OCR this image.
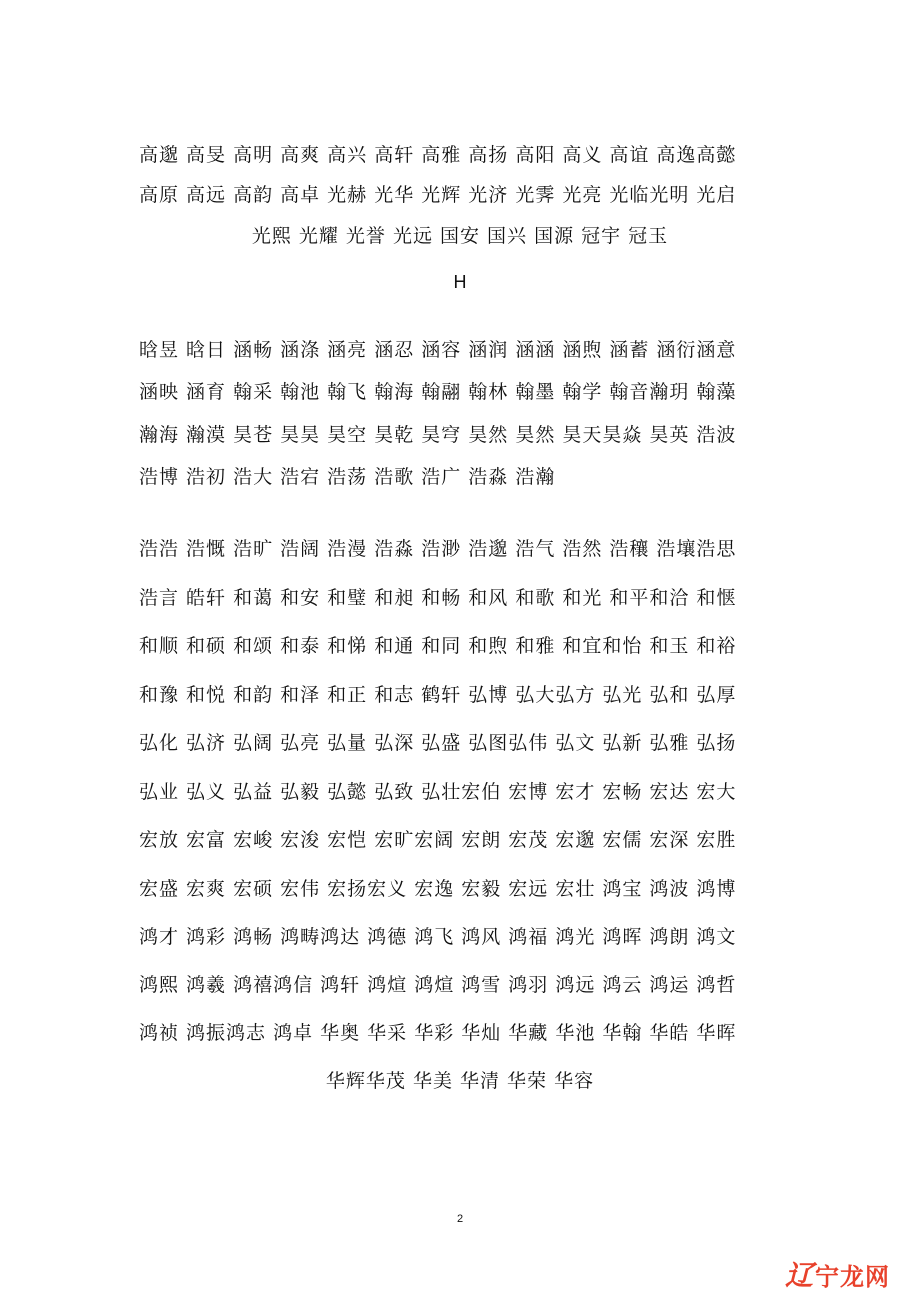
高邈 高旻 高明 高爽 高兴 高轩 高雅 高扬 高阳 高义 高谊 高逸高懿
高原 高远 高韵 高卓 光赫 光华 光辉 光济 光霁 光亮 光临光明 光启
光熙 光耀 光誉 光远 国安 国兴 国源 冠宇 冠玉
H
晗昱 晗日 涵畅 涵涤 涵亮 涵忍 涵容 涵润 涵涵 涵煦 涵蓄 涵衍涵意
涵映 涵育 翰采 翰池 翰飞 翰海 翰翮 翰林 翰墨 翰学 翰音瀚玥 翰藻
瀚海 瀚漠 昊苍 昊昊 昊空 昊乾 昊穹 昊然 昊然 昊天昊焱 昊英 浩波
浩博 浩初 浩大 浩宕 浩荡 浩歌 浩广 浩淼 浩瀚
浩浩 浩慨 浩旷 浩阔 浩漫 浩淼 浩渺 浩邈 浩气 浩然 浩穰 浩壤浩思
浩言 皓轩 和蔼 和安 和璧 和昶 和畅 和风 和歌 和光 和平和洽 和惬
和顺 和硕 和颂 和泰 和悌 和通 和同 和煦 和雅 和宜和怡 和玉 和裕
和豫 和悦 和韵 和泽 和正 和志 鹤轩 弘博 弘大弘方 弘光 弘和 弘厚
弘化 弘济 弘阔 弘亮 弘量 弘深 弘盛 弘图弘伟 弘文 弘新 弘雅 弘扬
弘业 弘义 弘益 弘毅 弘懿 弘致 弘壮宏伯 宏博 宏才 宏畅 宏达 宏大
宏放 宏富 宏峻 宏浚 宏恺 宏旷宏阔 宏朗 宏茂 宏邈 宏儒 宏深 宏胜
宏盛 宏爽 宏硕 宏伟 宏扬宏义 宏逸 宏毅 宏远 宏壮 鸿宝 鸿波 鸿博
鸿才 鸿彩 鸿畅 鸿畴鸿达 鸿德 鸿飞 鸿风 鸿福 鸿光 鸿晖 鸿朗 鸿文
鸿熙 鸿羲 鸿禧鸿信 鸿轩 鸿煊 鸿煊 鸿雪 鸿羽 鸿远 鸿云 鸿运 鸿哲
鸿祯 鸿振鸿志 鸿卓 华奥 华采 华彩 华灿 华藏 华池 华翰 华皓 华晖
华辉华茂 华美 华清 华荣 华容
2
辽 宁龙网
